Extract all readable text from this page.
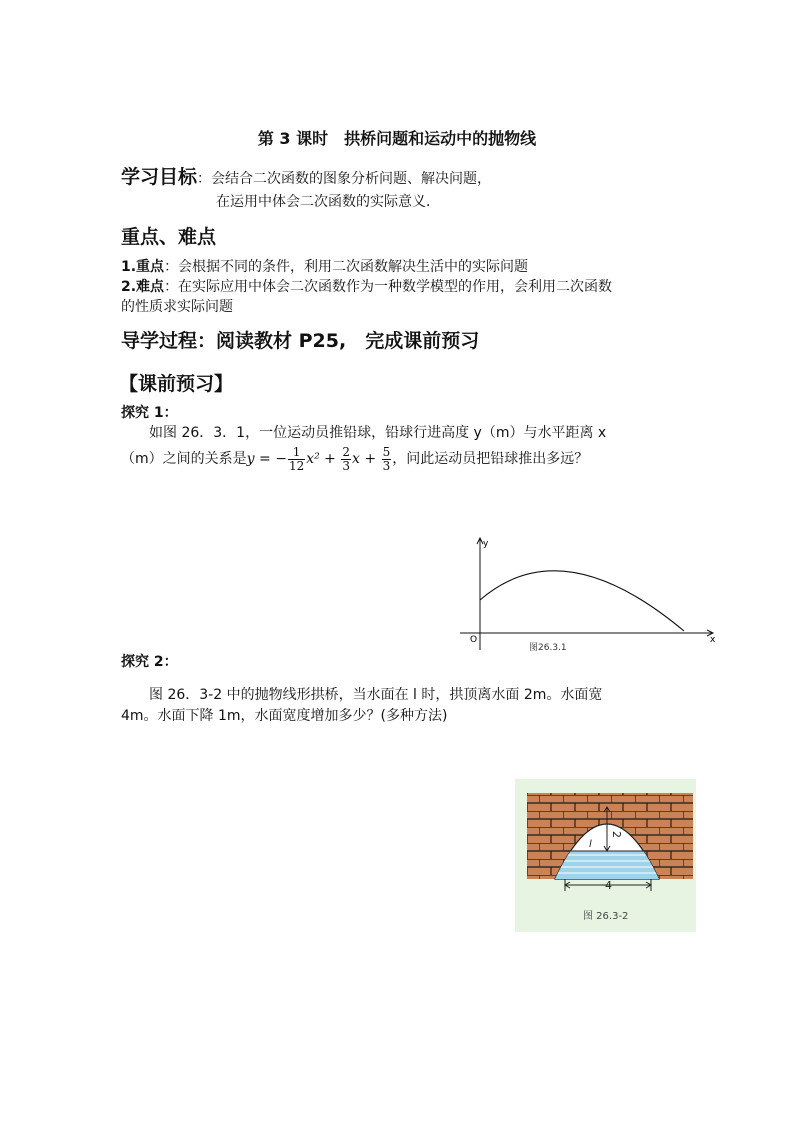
第 3 课时　拱桥问题和运动中的抛物线
学习目标：会结合二次函数的图象分析问题、解决问题，
在运用中体会二次函数的实际意义．
重点、难点
1.重点：会根据不同的条件，利用二次函数解决生活中的实际问题
2.难点：在实际应用中体会二次函数作为一种数学模型的作用，会利用二次函数
的性质求实际问题
导学过程：阅读教材 P25,　完成课前预习
【课前预习】
探究 1：
如图 26．3．1，一位运动员推铅球，铅球行进高度 y（m）与水平距离 x
（m）之间的关系是y = − $\frac{1}{12} x^2 + \frac{2}{3}$ $x + \frac{5}{3}$ ，问此运动员把铅球推出多远？
y
x
O
图26.3.1
探究 2：
图 26．3-2 中的抛物线形拱桥，当水面在 l 时，拱顶离水面 2m。水面宽
4m。水面下降 1m，水面宽度增加多少？(多种方法)
2
l
4
图 26.3-2
